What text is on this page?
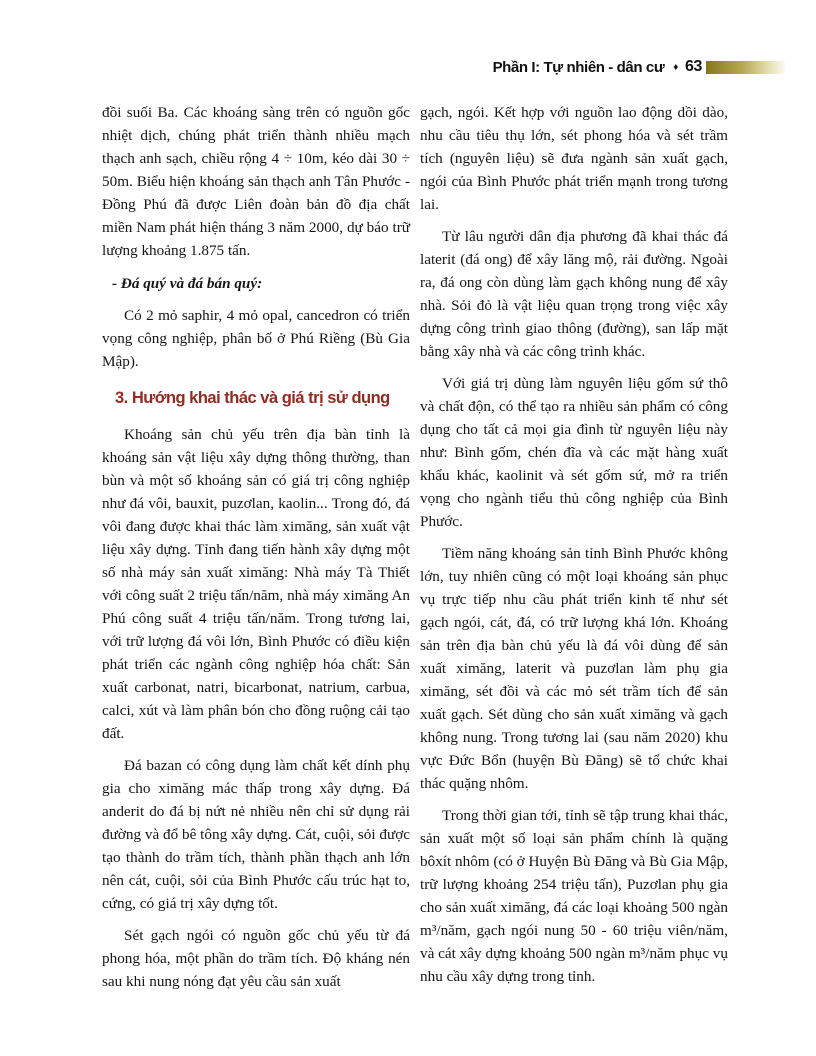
Phần I: Tự nhiên - dân cư ♦ 63

đồi suối Ba. Các khoáng sàng trên có nguồn gốc nhiệt dịch, chúng phát triển thành nhiều mạch thạch anh sạch, chiều rộng 4 ÷ 10m, kéo dài 30 ÷ 50m. Biểu hiện khoáng sản thạch anh Tân Phước - Đồng Phú đã được Liên đoàn bản đồ địa chất miền Nam phát hiện tháng 3 năm 2000, dự báo trữ lượng khoảng 1.875 tấn.

- Đá quý và đá bán quý:

Có 2 mỏ saphir, 4 mỏ opal, cancedron có triển vọng công nghiệp, phân bố ở Phú Riềng (Bù Gia Mập).

3. Hướng khai thác và giá trị sử dụng

Khoáng sản chủ yếu trên địa bàn tỉnh là khoáng sản vật liệu xây dựng thông thường, than bùn và một số khoáng sản có giá trị công nghiệp như đá vôi, bauxit, puzơlan, kaolin... Trong đó, đá vôi đang được khai thác làm ximăng, sản xuất vật liệu xây dựng. Tỉnh đang tiến hành xây dựng một số nhà máy sản xuất ximăng: Nhà máy Tà Thiết với công suất 2 triệu tấn/năm, nhà máy ximăng An Phú công suất 4 triệu tấn/năm. Trong tương lai, với trữ lượng đá vôi lớn, Bình Phước có điều kiện phát triển các ngành công nghiệp hóa chất: Sản xuất carbonat, natri, bicarbonat, natrium, carbua, calci, xút và làm phân bón cho đồng ruộng cải tạo đất.

Đá bazan có công dụng làm chất kết dính phụ gia cho ximăng mác thấp trong xây dựng. Đá anderit do đá bị nứt nẻ nhiều nên chỉ sử dụng rải đường và đổ bê tông xây dựng. Cát, cuội, sỏi được tạo thành do trầm tích, thành phần thạch anh lớn nên cát, cuội, sỏi của Bình Phước cấu trúc hạt to, cứng, có giá trị xây dựng tốt.

Sét gạch ngói có nguồn gốc chủ yếu từ đá phong hóa, một phần do trầm tích. Độ kháng nén sau khi nung nóng đạt yêu cầu sản xuất

gạch, ngói. Kết hợp với nguồn lao động dồi dào, nhu cầu tiêu thụ lớn, sét phong hóa và sét trầm tích (nguyên liệu) sẽ đưa ngành sản xuất gạch, ngói của Bình Phước phát triển mạnh trong tương lai.

Từ lâu người dân địa phương đã khai thác đá laterit (đá ong) để xây lăng mộ, rải đường. Ngoài ra, đá ong còn dùng làm gạch không nung để xây nhà. Sỏi đỏ là vật liệu quan trọng trong việc xây dựng công trình giao thông (đường), san lấp mặt bằng xây nhà và các công trình khác.

Với giá trị dùng làm nguyên liệu gốm sứ thô và chất độn, có thể tạo ra nhiều sản phẩm có công dụng cho tất cả mọi gia đình từ nguyên liệu này như: Bình gốm, chén đĩa và các mặt hàng xuất khẩu khác, kaolinit và sét gốm sứ, mở ra triển vọng cho ngành tiểu thủ công nghiệp của Bình Phước.

Tiềm năng khoáng sản tỉnh Bình Phước không lớn, tuy nhiên cũng có một loại khoáng sản phục vụ trực tiếp nhu cầu phát triển kinh tế như sét gạch ngói, cát, đá, có trữ lượng khá lớn. Khoáng sản trên địa bàn chủ yếu là đá vôi dùng để sản xuất ximăng, laterit và puzơlan làm phụ gia ximăng, sét đồi và các mỏ sét trầm tích để sản xuất gạch. Sét dùng cho sản xuất ximăng và gạch không nung. Trong tương lai (sau năm 2020) khu vực Đức Bổn (huyện Bù Đăng) sẽ tổ chức khai thác quặng nhôm.

Trong thời gian tới, tỉnh sẽ tập trung khai thác, sản xuất một số loại sản phẩm chính là quặng bôxít nhôm (có ở Huyện Bù Đăng và Bù Gia Mập, trữ lượng khoảng 254 triệu tấn), Puzơlan phụ gia cho sản xuất ximăng, đá các loại khoảng 500 ngàn m³/năm, gạch ngói nung 50 - 60 triệu viên/năm, và cát xây dựng khoảng 500 ngàn m³/năm phục vụ nhu cầu xây dựng trong tỉnh.
